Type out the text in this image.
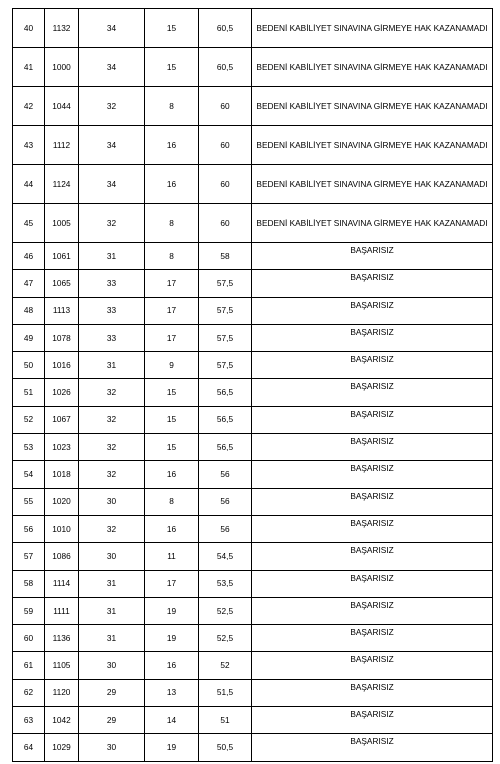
40	1132	34	15	60,5	BEDENİ KABİLİYET SINAVINA GİRMEYE HAK KAZANAMADI
41	1000	34	15	60,5	BEDENİ KABİLİYET SINAVINA GİRMEYE HAK KAZANAMADI
42	1044	32	8	60	BEDENİ KABİLİYET SINAVINA GİRMEYE HAK KAZANAMADI
43	1112	34	16	60	BEDENİ KABİLİYET SINAVINA GİRMEYE HAK KAZANAMADI
44	1124	34	16	60	BEDENİ KABİLİYET SINAVINA GİRMEYE HAK KAZANAMADI
45	1005	32	8	60	BEDENİ KABİLİYET SINAVINA GİRMEYE HAK KAZANAMADI
46	1061	31	8	58	BAŞARISIZ
47	1065	33	17	57,5	BAŞARISIZ
48	1113	33	17	57,5	BAŞARISIZ
49	1078	33	17	57,5	BAŞARISIZ
50	1016	31	9	57,5	BAŞARISIZ
51	1026	32	15	56,5	BAŞARISIZ
52	1067	32	15	56,5	BAŞARISIZ
53	1023	32	15	56,5	BAŞARISIZ
54	1018	32	16	56	BAŞARISIZ
55	1020	30	8	56	BAŞARISIZ
56	1010	32	16	56	BAŞARISIZ
57	1086	30	11	54,5	BAŞARISIZ
58	1114	31	17	53,5	BAŞARISIZ
59	1111	31	19	52,5	BAŞARISIZ
60	1136	31	19	52,5	BAŞARISIZ
61	1105	30	16	52	BAŞARISIZ
62	1120	29	13	51,5	BAŞARISIZ
63	1042	29	14	51	BAŞARISIZ
64	1029	30	19	50,5	BAŞARISIZ
